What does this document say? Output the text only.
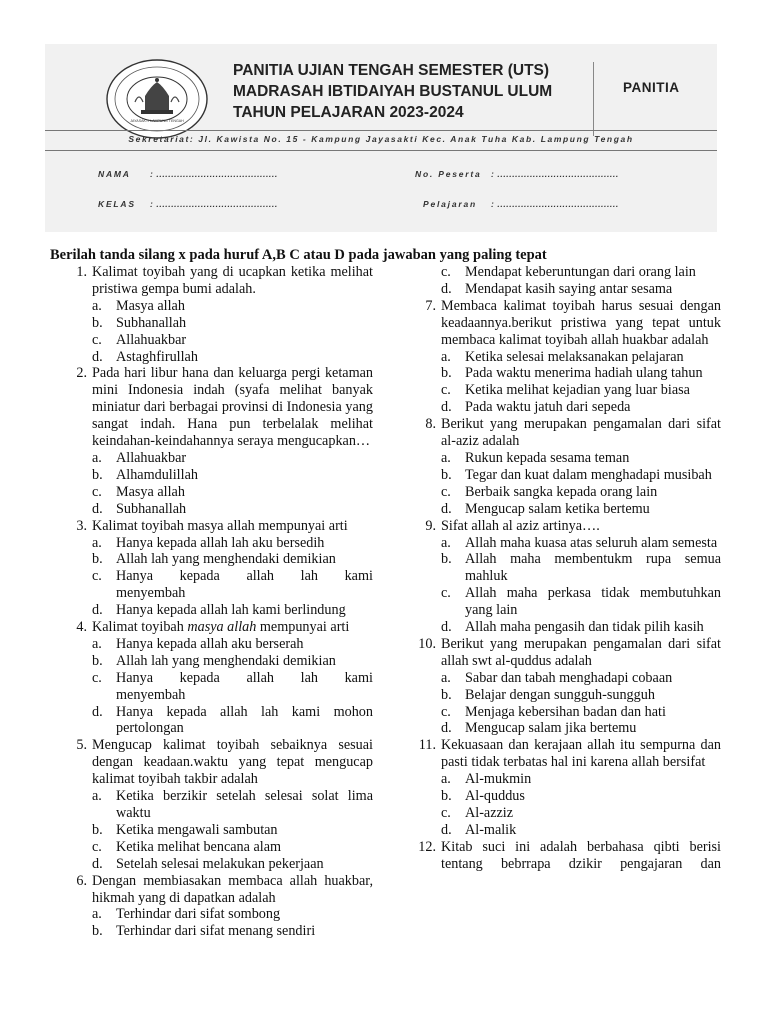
JAYASAKTI LAMPUNG TENGAH
PANITIA UJIAN TENGAH SEMESTER (UTS)
MADRASAH IBTIDAIYAH BUSTANUL ULUM
TAHUN PELAJARAN 2023-2024
PANITIA
Sekretariat: Jl. Kawista No. 15 - Kampung Jayasakti Kec. Anak Tuha Kab. Lampung Tengah
NAMA : .........................................	No. Peserta : .........................................
KELAS : .........................................	Pelajaran : .........................................
Berilah tanda silang x pada huruf A,B C atau D pada jawaban yang paling tepat
1. Kalimat toyibah yang di ucapkan ketika melihat pristiwa gempa bumi adalah.
a. Masya allah
b. Subhanallah
c. Allahuakbar
d. Astaghfirullah
2. Pada hari libur hana dan keluarga pergi ketaman mini Indonesia indah (syafa melihat banyak miniatur dari berbagai provinsi di Indonesia yang sangat indah. Hana pun terbelalak melihat keindahan-keindahannya seraya mengucapkan…
a. Allahuakbar
b. Alhamdulillah
c. Masya allah
d. Subhanallah
3. Kalimat toyibah masya allah mempunyai arti
a. Hanya kepada allah lah aku bersedih
b. Allah lah yang menghendaki demikian
c. Hanya kepada allah lah kami
menyembah
d. Hanya kepada allah lah kami berlindung
4. Kalimat toyibah masya allah mempunyai arti
a. Hanya kepada allah aku berserah
b. Allah lah yang menghendaki demikian
c. Hanya kepada allah lah kami
menyembah
d. Hanya kepada allah lah kami mohon pertolongan
5. Mengucap kalimat toyibah sebaiknya sesuai dengan keadaan.waktu yang tepat mengucap kalimat toyibah takbir adalah
a. Ketika berzikir setelah selesai solat lima waktu
b. Ketika mengawali sambutan
c. Ketika melihat bencana alam
d. Setelah selesai melakukan pekerjaan
6. Dengan membiasakan membaca allah huakbar, hikmah yang di dapatkan adalah
a. Terhindar dari sifat sombong
b. Terhindar dari sifat menang sendiri
c. Mendapat keberuntungan dari orang lain
d. Mendapat kasih saying antar sesama
7. Membaca kalimat toyibah harus sesuai dengan keadaannya.berikut pristiwa yang tepat untuk membaca kalimat toyibah allah huakbar adalah
a. Ketika selesai melaksanakan pelajaran
b. Pada waktu menerima hadiah ulang tahun
c. Ketika melihat kejadian yang luar biasa
d. Pada waktu jatuh dari sepeda
8. Berikut yang merupakan pengamalan dari sifat al-aziz adalah
a. Rukun kepada sesama teman
b. Tegar dan kuat dalam menghadapi musibah
c. Berbaik sangka kepada orang lain
d. Mengucap salam ketika bertemu
9. Sifat allah al aziz artinya….
a. Allah maha kuasa atas seluruh alam semesta
b. Allah maha membentukm rupa semua mahluk
c. Allah maha perkasa tidak membutuhkan yang lain
d. Allah maha pengasih dan tidak pilih kasih
10. Berikut yang merupakan pengamalan dari sifat allah swt al-quddus adalah
a. Sabar dan tabah menghadapi cobaan
b. Belajar dengan sungguh-sungguh
c. Menjaga kebersihan badan dan hati
d. Mengucap salam jika bertemu
11. Kekuasaan dan kerajaan allah itu sempurna dan pasti tidak terbatas hal ini karena allah bersifat
a. Al-mukmin
b. Al-quddus
c. Al-azziz
d. Al-malik
12. Kitab suci ini adalah berbahasa qibti berisi tentang bebrrapa dzikir pengajaran dan
